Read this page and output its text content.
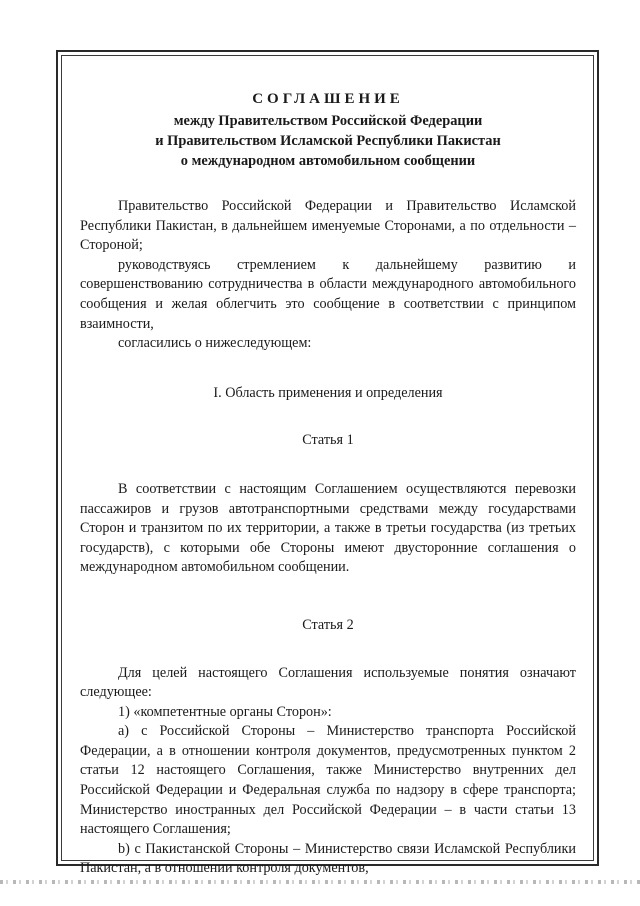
СОГЛАШЕНИЕ
между Правительством Российской Федерации
и Правительством Исламской Республики Пакистан
о международном автомобильном сообщении

Правительство Российской Федерации и Правительство Исламской Республики Пакистан, в дальнейшем именуемые Сторонами, а по отдельности – Стороной;

руководствуясь стремлением к дальнейшему развитию и совершенствованию сотрудничества в области международного автомобильного сообщения и желая облегчить это сообщение в соответствии с принципом взаимности,

согласились о нижеследующем:

I. Область применения и определения
Статья 1

В соответствии с настоящим Соглашением осуществляются перевозки пассажиров и грузов автотранспортными средствами между государствами Сторон и транзитом по их территории, а также в третьи государства (из третьих государств), с которыми обе Стороны имеют двусторонние соглашения о международном автомобильном сообщении.

Статья 2

Для целей настоящего Соглашения используемые понятия означают следующее:

1) «компетентные органы Сторон»:

а) с Российской Стороны – Министерство транспорта Российской Федерации, а в отношении контроля документов, предусмотренных пунктом 2 статьи 12 настоящего Соглашения, также Министерство внутренних дел Российской Федерации и Федеральная служба по надзору в сфере транспорта; Министерство иностранных дел Российской Федерации – в части статьи 13 настоящего Соглашения;

b) с Пакистанской Стороны – Министерство связи Исламской Республики Пакистан, а в отношении контроля документов,
